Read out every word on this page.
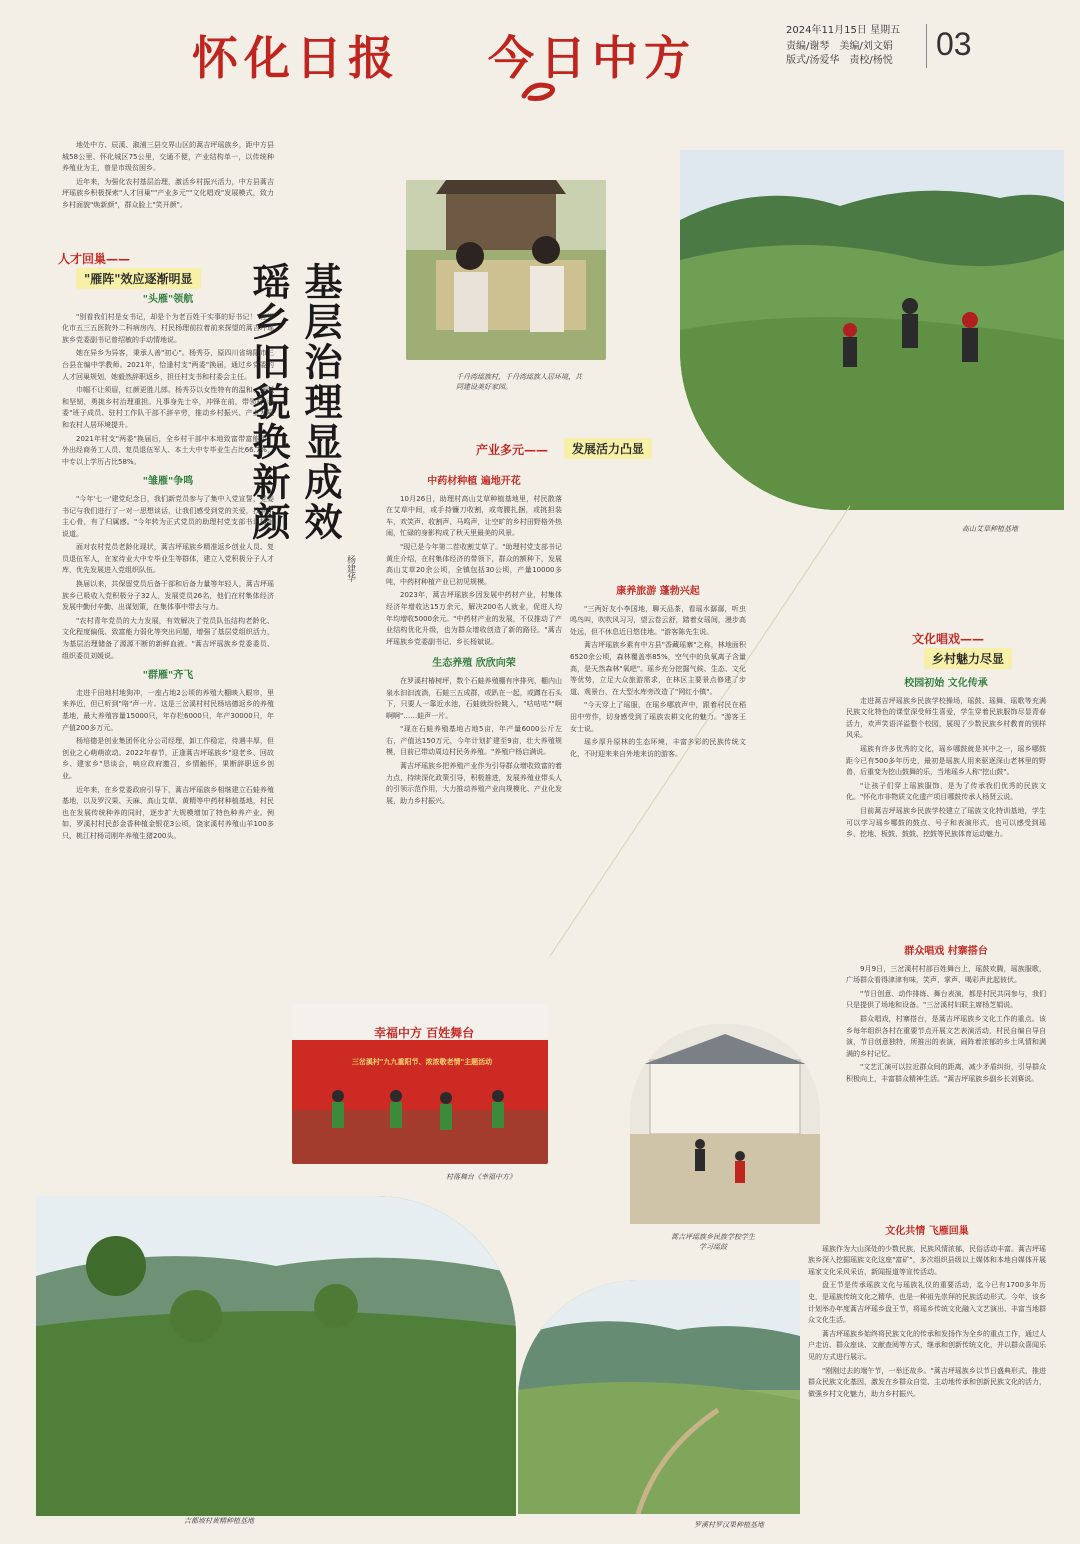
怀化日报 今日中方
2024年11月15日 星期五
责编/谢琴　美编/刘文娟
版式/汤爱华　责校/杨悦 03

地处中方、辰溪、溆浦三县交界山区的蒿吉坪瑶族乡，距中方县城58公里、怀化城区75公里，交通不便，产业结构单一，以传统种养殖业为主，曾是市级贫困乡。

近年来，为强化农村基层治理，激活乡村振兴活力，中方县蒿吉坪瑶族乡积极探索"人才回巢""产业多元""文化唱戏"发展模式，致力乡村面貌"焕新颜"，群众脸上"笑开颜"。

人才回巢——
"雁阵"效应逐渐明显	基层治理显成效
瑶乡旧貌换新颜
杨建华
"头雁"领航

"别看我们村是女书记，却是个为老百姓干实事的好书记！"在怀化市五三五医院外二科病房内，村民杨理前拉着前来探望的蒿吉坪瑶族乡党委副书记曾绍敏的手动情地说。

她在异乡为异客，秉承人善"初心"。杨秀芬，原四川省绵阳市三台县在编中学教师。2021年，恰逢村支"两委"换届，通过乡党委的人才回巢规划，她毅然辞职返乡，担任村支书和村委会主任。

巾帼不让须眉，红颜更胜儿郎。杨秀芬以女性特有的温和、细腻和坚韧，勇挑乡村治理重担。凡事身先士卒，冲锋在前，带领村"两委"班子成员、驻村工作队干部不辞辛劳，推动乡村振兴、产业发展和农村人居环境提升。

2021年村支"两委"换届后，全乡村干部中本地致富带富能手、外出经商务工人员、复员退伍军人、本土大中专毕业生占比66.7%，中专以上学历占比58%。

"雏雁"争鸣

"今年'七一'建党纪念日，我们新党员参与了集中入党宣誓，党委书记与我们进行了一对一思想谈话，让我们感受到党的关爱，找到了主心骨，有了归属感。"今年转为正式党员的助理村党支部书记杨雨说道。

面对农村党员老龄化现状，蒿吉坪瑶族乡精准返乡创业人员、复员退伍军人，在家待业大中专毕业生等群体，建立入党积极分子人才库，优先发展进入党组织队伍。

换届以来，共保留党员后备干部和后备力量等年轻人，蒿吉坪瑶族乡已吸收入党积极分子32人，发展党员26名，他们在村集体经济发展中勤付辛勤、出谋划策，在集体事中带去与力。

"农村青年党员的大力发展，有效解决了党员队伍结构老龄化、文化程度偏低、致富能力弱化等突出问题，增强了基层党组织活力，为基层治理储备了源源不断的新鲜血液。"蒿吉坪瑶族乡党委委员、组织委员刘媛说。

"群雁"齐飞

走进千田地村地狗冲，一座占地2公顷的养殖大棚映入眼帘，里来养近，但已听到"咯"声一片。这是三岔溪村村民杨培德返乡的养殖基地，最大养殖容量15000只，年存栏6000只，年产30000只，年产值200多万元。

杨培德是创业集团怀化分公司经理，卸工作稳定，待遇丰厚，但创业之心萌萌欲动。2022年春节，正逢蒿吉坪瑶族乡"迎老乡、回故乡、建家乡"恳谈会，响应政府邀召，乡情触怀，果断辞职返乡创业。

近年来，在乡党委政府引导下，蒿吉坪瑶族乡相继建立石蛙养殖基地，以及罗汉果、天麻、高山艾草、黄精等中药材种植基地，村民也在发展传统种养的同时，逐步扩大规模增加了特色种养产业。例如，罗溪村村民彭金香种植金银花3公顷，饶家溪村养殖山羊100多只、桃江村杨司刚年养殖生猪200头。

千丹湾瑶族村，千丹湾瑶族人居环境，共同建设美好家园。
高山艾草种植基地
产业多元——	发展活力凸显
中药材种植 遍地开花

10月26日，助理村高山艾草种植基地里，村民散落在艾草中间，或手持镰刀收割，或弯腰扎捆，或挑担装车，欢笑声、收割声、马鸣声，让空旷的乡村田野格外热闹，忙碌的身影构成了秋天里最美的风景。

"现已是今年第二茬收割艾草了。"助理村党支部书记黄庄介绍，在村集体经济的带领下，群众的额种下，发展高山艾草20余公顷，全镇包括30公顷，产量10000多吨，中药材种植产业已初见规模。

2023年，蒿吉坪瑶族乡因发展中药材产业，村集体经济年增收达15万余元，解决200名人就业，促进人均年均增收5000余元。"中药材产业的发展，不仅推动了产业结构优化升级，也为群众增收创造了新的路径。"蒿吉坪瑶族乡党委副书记、乡长杨斌说。

生态养殖 欣欣向荣

在罗溪村椿树坪，数个石蛙养殖棚有序排列，棚内山泉水汩汩流淌，石蛙三五成群，或趴在一起，或蹲在石头下，只要人一靠近水池，石蛙就纷纷跳入，"咕咕咕""啊啊啊"……蛙声一片。

"现在石蛙养殖基地占地5亩，年产量6000公斤左右，产值达150万元，今年计划扩建至9亩，壮大养殖规模，目前已带动周边村民务养殖。"养殖户杨启满说。

蒿吉坪瑶族乡把养殖产业作为引导群众增收致富的着力点，持续深化政策引导，积极推进，发展养殖业带头人的引领示范作用，大力推动养殖产业向规模化、产业化发展，助力乡村振兴。

康养旅游 蓬勃兴起

"三两好友小李国地，聊天品茶，看瑶水潺潺，听虫鸣鸟叫，吹吹风习习，望云卷云舒，踏着女瑶间，漫步高处远，但不休息近日悠佳地。"游客陈先生说。

蒿吉坪瑶族乡素有中方县"香藏瑶寨"之称，林地面积6520余公顷，森林覆盖率85%，空气中的负氧离子含量高，是天然森林"氧吧"。瑶乡充分挖掘气候、生态、文化等优势，立足大众旅游需求，在林区主要景点修建了步道、观景台，在大型水库旁改造了"网红小镇"。

"今天穿上了瑶服，在瑶乡哪放声中，跟着村民在稻田中劳作，切身感受到了瑶族农耕文化的魅力。"游客王女士说。

瑶乡厚升原林的生态环境，丰富多彩的民族传统文化，不时迎来来自外地来访的游客。

文化唱戏——
乡村魅力尽显
校园初始 文化传承

走进蒿吉坪瑶族乡民族学校操场，瑶鼓、瑶舞、瑶歌等充满民族文化特色的课堂深受师生喜爱，学生穿着民族服饰尽显青春活力，欢声笑语洋溢整个校园，展现了少数民族乡村教育的别样风采。

瑶族有许多优秀的文化，瑶乡哪鼓就是其中之一，瑶乡哪鼓距今已有500多年历史，最初是瑶族人用来驱逐深山老林里的野兽，后重变为挖山鼓舞的乐，当地瑶乡人称"挖山鼓"。

"让孩子们穿上瑶族服饰，是为了传承我们优秀的民族文化。"怀化市非物质文化遗产项目哪鼓传承人杨贤云说。

目前蒿吉坪瑶族乡民族学校建立了瑶族文化特训基地，学生可以学习瑶乡哪鼓的鼓点、号子和表演形式，也可以感受到瑶乡、挖地、板鼓、鼓鼓、挖鼓等民族体育运动魅力。

群众唱戏 村寨搭台

9月9日，三岔溪村村部百姓舞台上，瑶鼓欢腾，瑶族服歌，广场群众看得津津有味，笑声、掌声、喝彩声此起彼伏。

"节日创意、动作排练、舞台表演，都是村民共同参与，我们只是提供了场地和设备。"三岔溪村妇联主席杨芝娟说。

群众唱戏，村寨搭台，是蒿吉坪瑶族乡文化工作的重点。该乡每年组织各村在重要节点开展文艺表演活动，村民自编自导自演，节目创意独特，所推出的表演，闹阵着浓郁的乡土风情和满满的乡村记忆。

"文艺汇演可以拉近群众间的距离，减少矛盾纠纷，引导群众积极向上，丰富群众精神生活。"蒿吉坪瑶族乡副乡长刘赛说。

文化共情 飞雁回巢

瑶族作为大山深处的少数民族，民族风情浓郁，民俗活动丰富。蒿吉坪瑶族乡深入挖掘瑶族文化这座"富矿"，多次组织县级以上媒体和本地自媒体开展瑶家文化采风采访，新闻报道等宣传活动。

盘王节是传承瑶族文化与瑶族礼仪的重要活动，迄今已有1700多年历史，是瑶族传统文化之精华，也是一种祖先崇拜的民族活动形式。今年，该乡计划举办年度蒿吉坪瑶乡盘王节，将瑶乡传统文化融入文艺演出、丰富当地群众文化生活。

蒿吉坪瑶族乡始终将民族文化的传承和发扬作为全乡的重点工作，通过人户走访、群众座谈、文献查阅等方式，继承和创新传统文化，并以群众喜闻乐见的方式进行展示。

"刚刚过去的端午节，一举还故乡。"蒿吉坪瑶族乡以节日盛典形式，推进群众民族文化基因，激发在乡群众自觉、主动地传承和创新民族文化的活力，做强乡村文化魅力，助力乡村振兴。

幸福中方 百姓舞台
三岔溪村"九九重阳节、浓浓敬老情"主题活动
村落舞台《幸福中方》
蒿吉坪瑶族乡民族学校学生学习瑶鼓
吉都坡村黄精种植基地	罗溪村罗汉果种植基地
